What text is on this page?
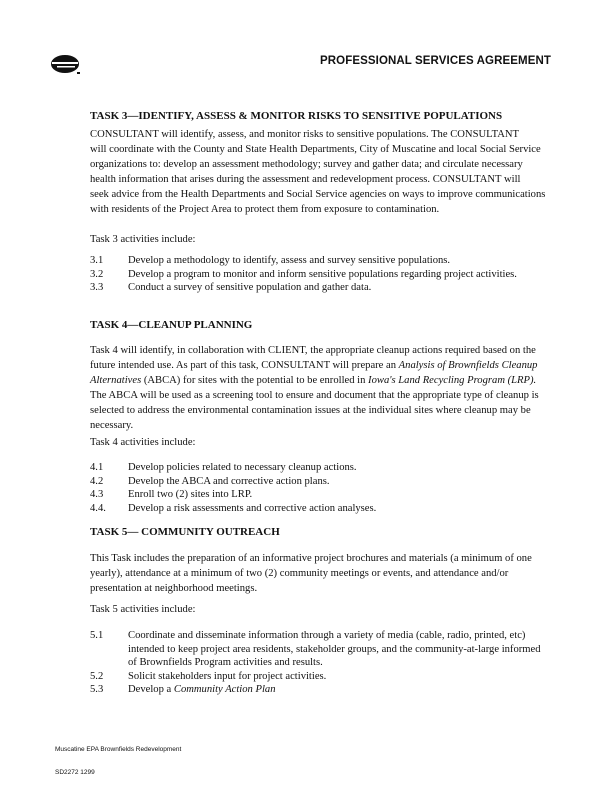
PROFESSIONAL SERVICES AGREEMENT
TASK 3—IDENTIFY, ASSESS & MONITOR RISKS TO SENSITIVE POPULATIONS
CONSULTANT will identify, assess, and monitor risks to sensitive populations. The CONSULTANT
will coordinate with the County and State Health Departments, City of Muscatine and local Social Service
organizations to: develop an assessment methodology; survey and gather data; and circulate necessary
health information that arises during the assessment and redevelopment process. CONSULTANT will
seek advice from the Health Departments and Social Service agencies on ways to improve communications
with residents of the Project Area to protect them from exposure to contamination.
Task 3 activities include:
3.1 Develop a methodology to identify, assess and survey sensitive populations.
3.2 Develop a program to monitor and inform sensitive populations regarding project activities.
3.3 Conduct a survey of sensitive population and gather data.
TASK 4—CLEANUP PLANNING
Task 4 will identify, in collaboration with CLIENT, the appropriate cleanup actions required based on the
future intended use. As part of this task, CONSULTANT will prepare an Analysis of Brownfields Cleanup
Alternatives (ABCA) for sites with the potential to be enrolled in Iowa's Land Recycling Program (LRP).
The ABCA will be used as a screening tool to ensure and document that the appropriate type of cleanup is
selected to address the environmental contamination issues at the individual sites where cleanup may be
necessary.
Task 4 activities include:
4.1 Develop policies related to necessary cleanup actions.
4.2 Develop the ABCA and corrective action plans.
4.3 Enroll two (2) sites into LRP.
4.4. Develop a risk assessments and corrective action analyses.
TASK 5— COMMUNITY OUTREACH
This Task includes the preparation of an informative project brochures and materials (a minimum of one
yearly), attendance at a minimum of two (2) community meetings or events, and attendance and/or
presentation at neighborhood meetings.
Task 5 activities include:
5.1 Coordinate and disseminate information through a variety of media (cable, radio, printed, etc)
intended to keep project area residents, stakeholder groups, and the community-at-large informed
of Brownfields Program activities and results.
5.2 Solicit stakeholders input for project activities.
5.3 Develop a Community Action Plan
Muscatine EPA Brownfields Redevelopment
SD2272 1299
